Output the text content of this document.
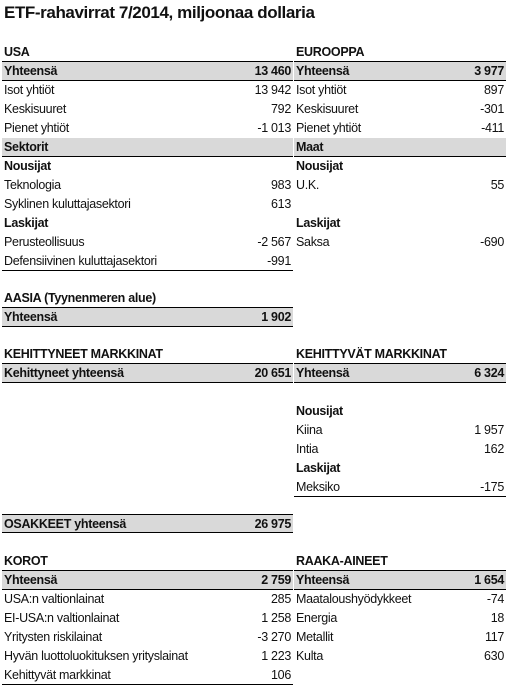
ETF-rahavirrat 7/2014, miljoonaa dollaria
USA
Yhteensä	13 460
Isot yhtiöt	13 942
Keskisuuret	792
Pienet yhtiöt	-1 013
Sektorit
Nousijat
Teknologia	983
Syklinen kuluttajasektori	613
Laskijat
Perusteollisuus	-2 567
Defensiivinen kuluttajasektori	-991
EUROOPPA
Yhteensä	3 977
Isot yhtiöt	897
Keskisuuret	-301
Pienet yhtiöt	-411
Maat
Nousijat
U.K.	55
Laskijat
Saksa	-690
AASIA (Tyynenmeren alue)
Yhteensä	1 902
KEHITTYNEET MARKKINAT
Kehittyneet yhteensä	20 651
KEHITTYVÄT MARKKINAT
Yhteensä	6 324
Nousijat
Kiina	1 957
Intia	162
Laskijat
Meksiko	-175
OSAKKEET yhteensä	26 975
KOROT
Yhteensä	2 759
USA:n valtionlainat	285
EI-USA:n valtionlainat	1 258
Yritysten riskilainat	-3 270
Hyvän luottoluokituksen yrityslainat	1 223
Kehittyvät markkinat	106
RAAKA-AINEET
Yhteensä	1 654
Maataloushyödykkeet	-74
Energia	18
Metallit	117
Kulta	630
